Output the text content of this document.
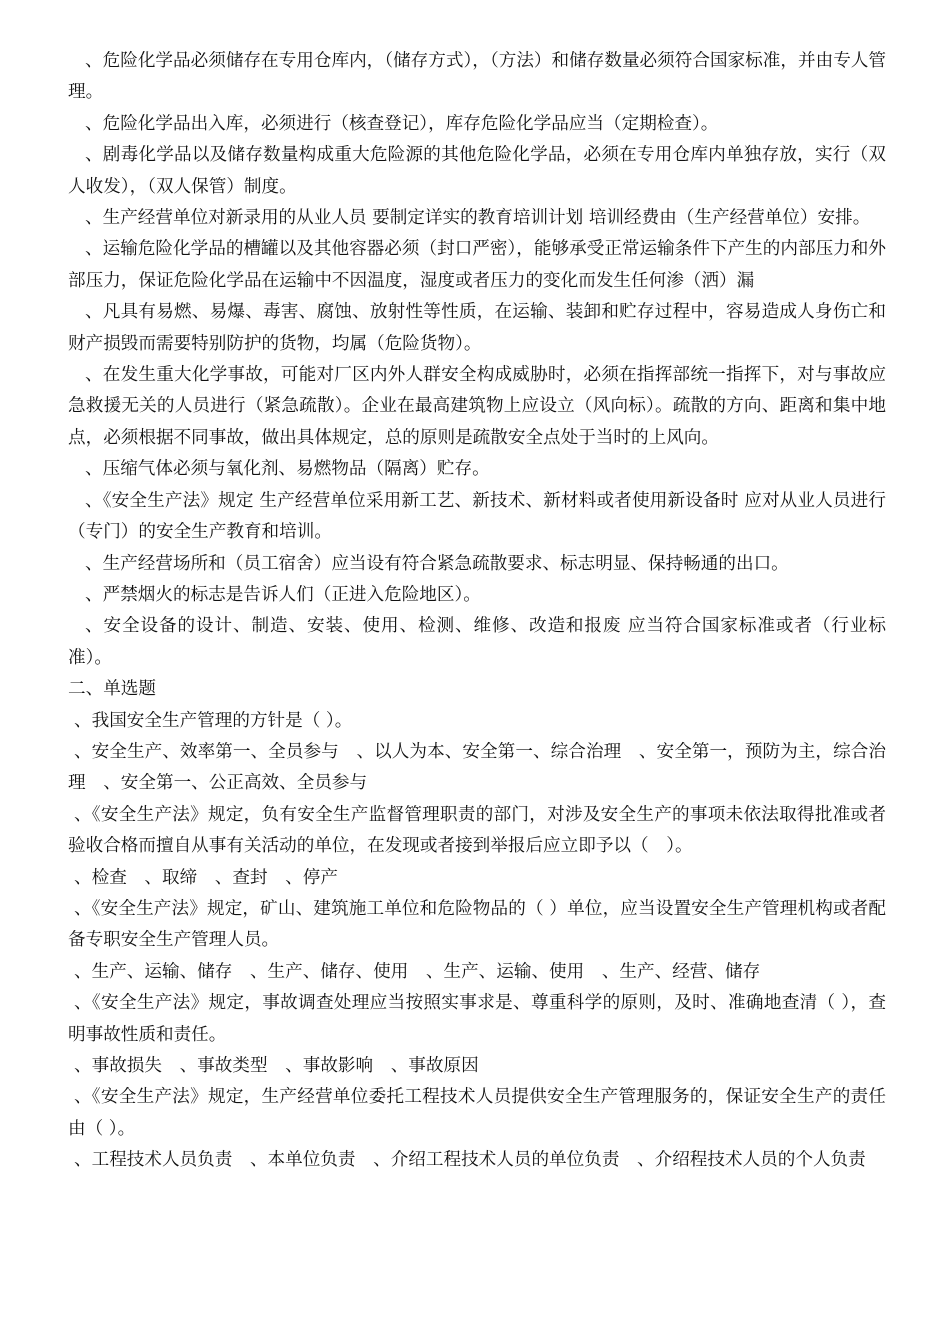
、危险化学品必须储存在专用仓库内，（储存方式），（方法）和储存数量必须符合国家标准，并由专人管理。

、危险化学品出入库，必须进行（核查登记），库存危险化学品应当（定期检查）。

、剧毒化学品以及储存数量构成重大危险源的其他危险化学品，必须在专用仓库内单独存放，实行（双人收发），（双人保管）制度。

、生产经营单位对新录用的从业人员 要制定详实的教育培训计划 培训经费由（生产经营单位）安排。

、运输危险化学品的槽罐以及其他容器必须（封口严密），能够承受正常运输条件下产生的内部压力和外部压力，保证危险化学品在运输中不因温度，湿度或者压力的变化而发生任何渗（洒）漏

、凡具有易燃、易爆、毒害、腐蚀、放射性等性质，在运输、装卸和贮存过程中，容易造成人身伤亡和财产损毁而需要特别防护的货物，均属（危险货物）。

、在发生重大化学事故，可能对厂区内外人群安全构成威胁时，必须在指挥部统一指挥下，对与事故应急救援无关的人员进行（紧急疏散）。企业在最高建筑物上应设立（风向标）。疏散的方向、距离和集中地点，必须根据不同事故，做出具体规定，总的原则是疏散安全点处于当时的上风向。

、压缩气体必须与氧化剂、易燃物品（隔离）贮存。

、《安全生产法》规定 生产经营单位采用新工艺、新技术、新材料或者使用新设备时 应对从业人员进行（专门）的安全生产教育和培训。

、生产经营场所和（员工宿舍）应当设有符合紧急疏散要求、标志明显、保持畅通的出口。

、严禁烟火的标志是告诉人们（正进入危险地区）。

、安全设备的设计、制造、安装、使用、检测、维修、改造和报废 应当符合国家标准或者（行业标准）。

二、单选题

、我国安全生产管理的方针是（ ）。

、安全生产、效率第一、全员参与　、以人为本、安全第一、综合治理　、安全第一，预防为主，综合治理　、安全第一、公正高效、全员参与

、《安全生产法》规定，负有安全生产监督管理职责的部门，对涉及安全生产的事项未依法取得批准或者验收合格而擅自从事有关活动的单位，在发现或者接到举报后应立即予以（　）。

、检查　、取缔　、查封　、停产

、《安全生产法》规定，矿山、建筑施工单位和危险物品的（ ）单位，应当设置安全生产管理机构或者配备专职安全生产管理人员。

、生产、运输、储存　、生产、储存、使用　、生产、运输、使用　、生产、经营、储存

、《安全生产法》规定，事故调查处理应当按照实事求是、尊重科学的原则，及时、准确地查清（ ），查明事故性质和责任。

、事故损失　、事故类型　、事故影响　、事故原因

、《安全生产法》规定，生产经营单位委托工程技术人员提供安全生产管理服务的，保证安全生产的责任由（ ）。

、工程技术人员负责　、本单位负责　、介绍工程技术人员的单位负责　、介绍程技术人员的个人负责
